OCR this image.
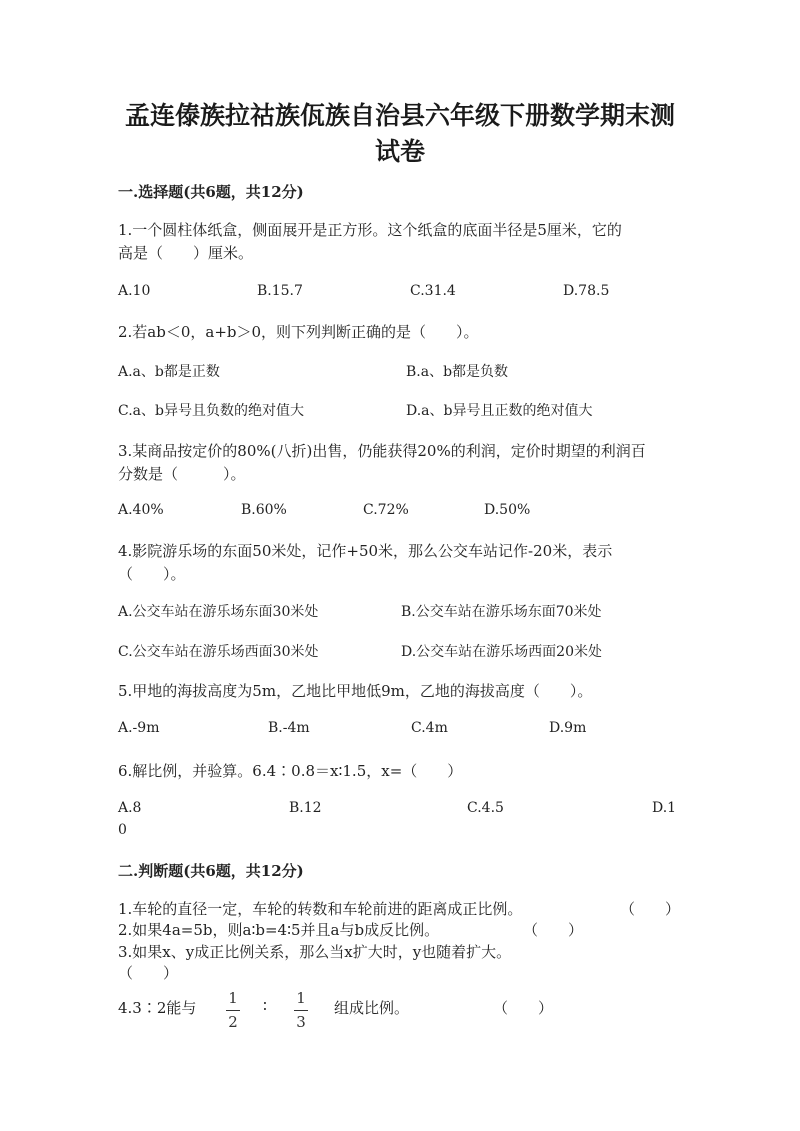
孟连傣族拉祜族佤族自治县六年级下册数学期末测
试卷
一.选择题(共6题，共12分)
1.一个圆柱体纸盒，侧面展开是正方形。这个纸盒的底面半径是5厘米，它的
高是（　　）厘米。
A.10	B.15.7	C.31.4	D.78.5
2.若ab＜0，a+b＞0，则下列判断正确的是（　　）。
A.a、b都是正数	B.a、b都是负数
C.a、b异号且负数的绝对值大	D.a、b异号且正数的绝对值大
3.某商品按定价的80%(八折)出售，仍能获得20%的利润，定价时期望的利润百
分数是（　　　）。
A.40%	B.60%	C.72%	D.50%
4.影院游乐场的东面50米处，记作+50米，那么公交车站记作-20米，表示
（　　）。
A.公交车站在游乐场东面30米处	B.公交车站在游乐场东面70米处
C.公交车站在游乐场西面30米处	D.公交车站在游乐场西面20米处
5.甲地的海拔高度为5m，乙地比甲地低9m，乙地的海拔高度（　　）。
A.-9m	B.-4m	C.4m	D.9m
6.解比例，并验算。6.4∶0.8＝x∶1.5，x=（　　）
A.8	B.12	C.4.5	D.1
0
二.判断题(共6题，共12分)
1.车轮的直径一定，车轮的转数和车轮前进的距离成正比例。	（　　）
2.如果4a=5b，则a∶b=4∶5并且a与b成反比例。	（　　）
3.如果x、y成正比例关系，那么当x扩大时，y也随着扩大。
（　　）
4.3∶2能与
1
2
∶ 1
3
组成比例。	（　　）
